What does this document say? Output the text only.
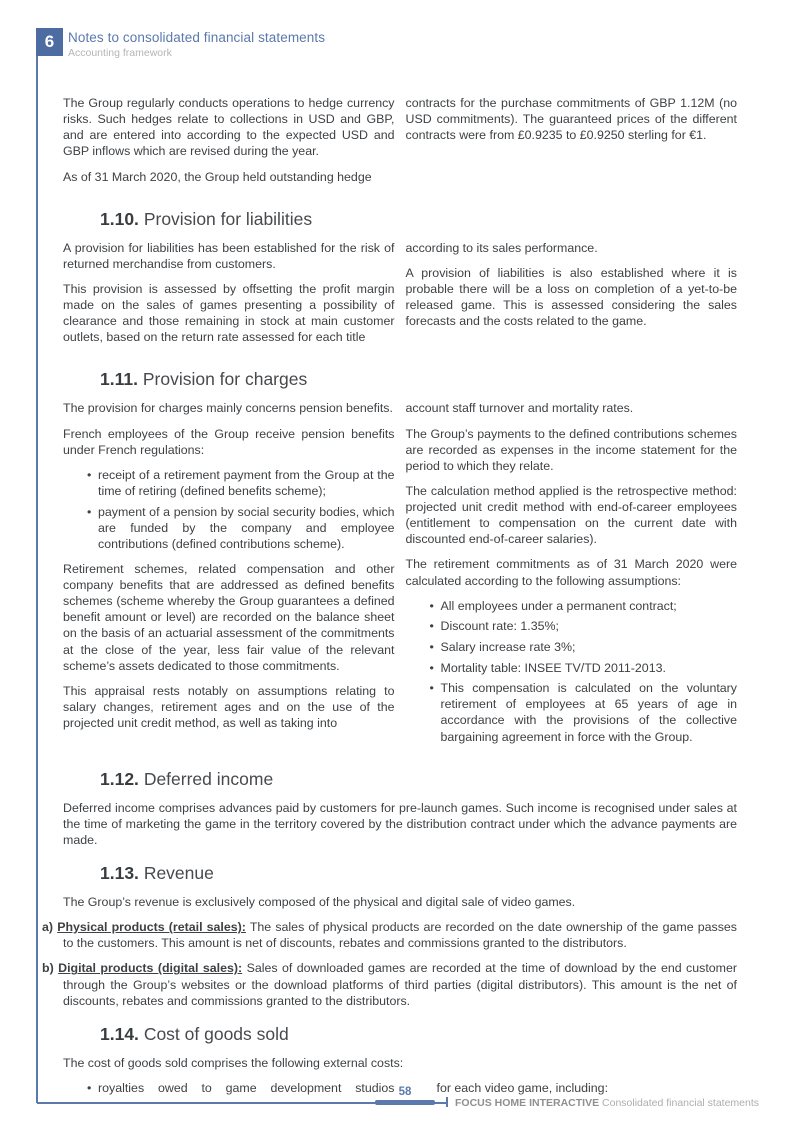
6	Notes to consolidated financial statements
Accounting framework

The Group regularly conducts operations to hedge currency risks. Such hedges relate to collections in USD and GBP, and are entered into according to the expected USD and GBP inflows which are revised during the year.

As of 31 March 2020, the Group held outstanding hedge

contracts for the purchase commitments of GBP 1.12M (no USD commitments). The guaranteed prices of the different contracts were from £0.9235 to £0.9250 sterling for €1.

1.10. Provision for liabilities

A provision for liabilities has been established for the risk of returned merchandise from customers.

This provision is assessed by offsetting the profit margin made on the sales of games presenting a possibility of clearance and those remaining in stock at main customer outlets, based on the return rate assessed for each title

according to its sales performance.

A provision of liabilities is also established where it is probable there will be a loss on completion of a yet-to-be released game. This is assessed considering the sales forecasts and the costs related to the game.

1.11. Provision for charges

The provision for charges mainly concerns pension benefits.

French employees of the Group receive pension benefits under French regulations:

• receipt of a retirement payment from the Group at the time of retiring (defined benefits scheme);
• payment of a pension by social security bodies, which are funded by the company and employee contributions (defined contributions scheme).

Retirement schemes, related compensation and other company benefits that are addressed as defined benefits schemes (scheme whereby the Group guarantees a defined benefit amount or level) are recorded on the balance sheet on the basis of an actuarial assessment of the commitments at the close of the year, less fair value of the relevant scheme’s assets dedicated to those commitments.

This appraisal rests notably on assumptions relating to salary changes, retirement ages and on the use of the projected unit credit method, as well as taking into

account staff turnover and mortality rates.

The Group’s payments to the defined contributions schemes are recorded as expenses in the income statement for the period to which they relate.

The calculation method applied is the retrospective method: projected unit credit method with end-of-career employees (entitlement to compensation on the current date with discounted end-of-career salaries).

The retirement commitments as of 31 March 2020 were calculated according to the following assumptions:

• All employees under a permanent contract;
• Discount rate: 1.35%;
• Salary increase rate 3%;
• Mortality table: INSEE TV/TD 2011-2013.
• This compensation is calculated on the voluntary retirement of employees at 65 years of age in accordance with the provisions of the collective bargaining agreement in force with the Group.
1.12. Deferred income

Deferred income comprises advances paid by customers for pre-launch games. Such income is recognised under sales at the time of marketing the game in the territory covered by the distribution contract under which the advance payments are made.

1.13. Revenue

The Group’s revenue is exclusively composed of the physical and digital sale of video games.

a) Physical products (retail sales): The sales of physical products are recorded on the date ownership of the game passes to the customers. This amount is net of discounts, rebates and commissions granted to the distributors.

b) Digital products (digital sales): Sales of downloaded games are recorded at the time of download by the end customer through the Group’s websites or the download platforms of third parties (digital distributors). This amount is the net of discounts, rebates and commissions granted to the distributors.

1.14. Cost of goods sold

The cost of goods sold comprises the following external costs:

• royalties owed to game development studios	for each video game, including:

58
FOCUS HOME INTERACTIVE Consolidated financial statements
